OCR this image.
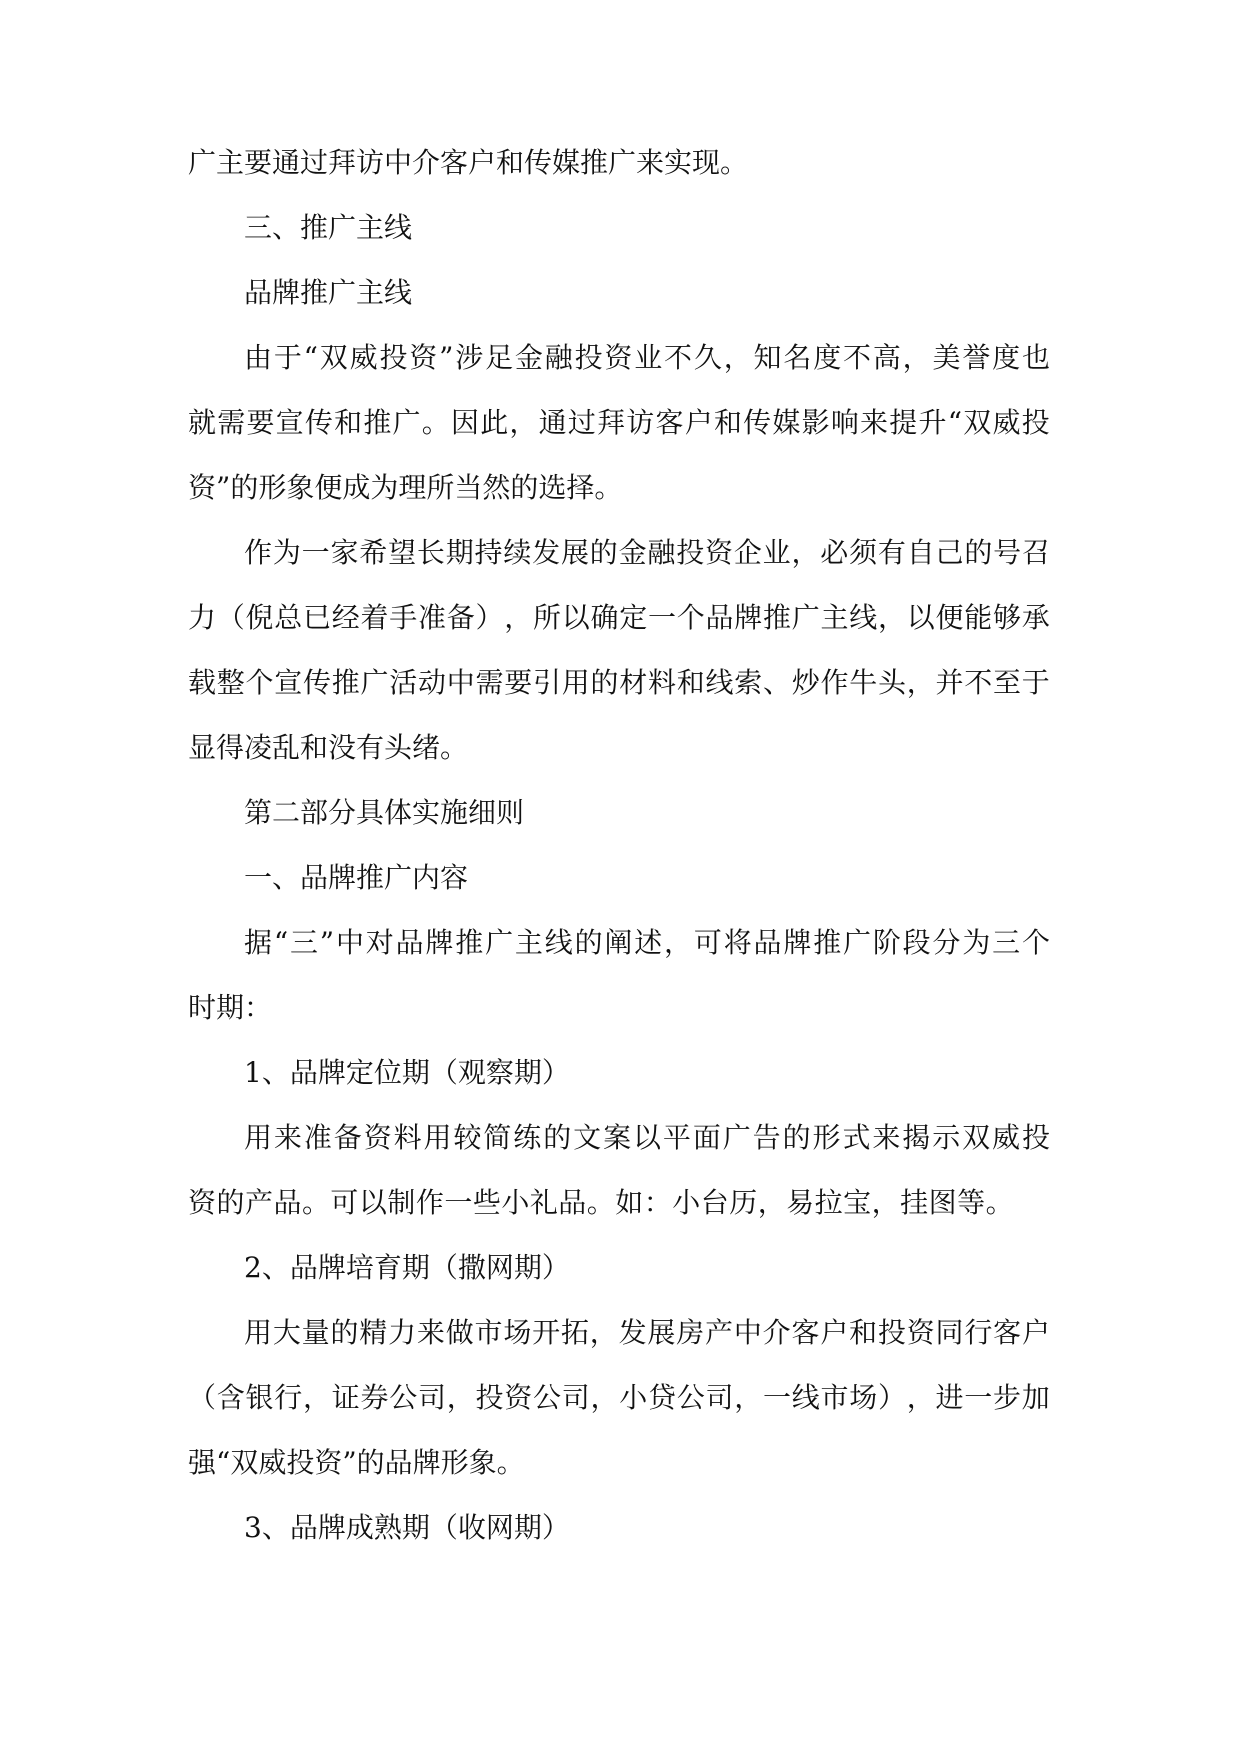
广主要通过拜访中介客户和传媒推广来实现。
三、推广主线
品牌推广主线
由 于 “ 双 威 投 资 ” 涉 足 金 融 投 资 业 不 久 ， 知 名 度 不 高 ， 美 誉 度 也
就 需 要 宣 传 和 推 广 。 因 此 ， 通 过 拜 访 客 户 和 传 媒 影 响 来 提 升 “ 双 威 投
资”的形象便成为理所当然的选择。
作 为 一 家 希 望 长 期 持 续 发 展 的 金 融 投 资 企 业 ， 必 须 有 自 己 的 号 召
力 （ 倪 总 已 经 着 手 准 备 ） ， 所 以 确 定 一 个 品 牌 推 广 主 线 ， 以 便 能 够 承
载 整 个 宣 传 推 广 活 动 中 需 要 引 用 的 材 料 和 线 索 、 炒 作 牛 头 ， 并 不 至 于
显得凌乱和没有头绪。
第二部分具体实施细则
一、品牌推广内容
据 “ 三 ” 中 对 品 牌 推 广 主 线 的 阐 述 ， 可 将 品 牌 推 广 阶 段 分 为 三 个
时期：
1、品牌定位期（观察期）
用 来 准 备 资 料 用 较 简 练 的 文 案 以 平 面 广 告 的 形 式 来 揭 示 双 威 投
资 的 产 品 。 可 以 制 作 一 些 小 礼 品 。 如 ： 小 台 历 ， 易 拉 宝 ， 挂 图 等 。
2、品牌培育期（撒网期）
用 大 量 的 精 力 来 做 市 场 开 拓 ， 发 展 房 产 中 介 客 户 和 投 资 同 行 客 户
（ 含 银 行 ， 证 券 公 司 ， 投 资 公 司 ， 小 贷 公 司 ， 一 线 市 场 ） ， 进 一 步 加
强“双威投资”的品牌形象。
3、品牌成熟期（收网期）
